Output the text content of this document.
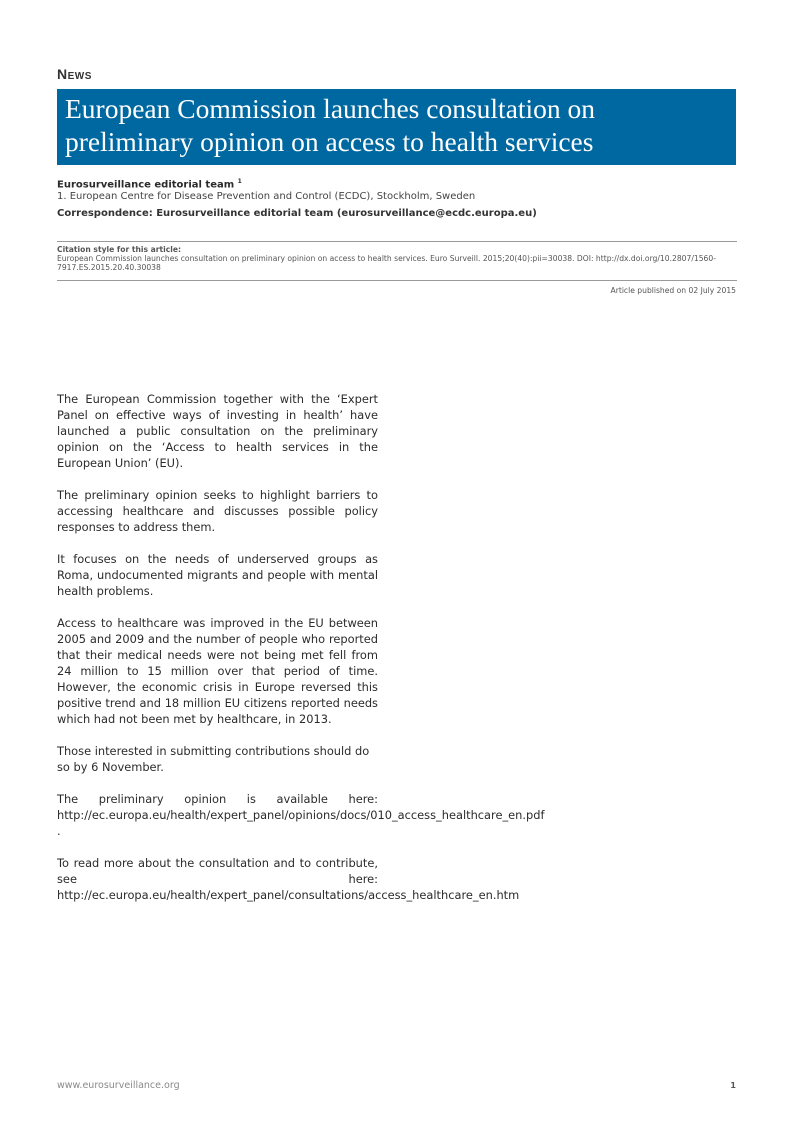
News
European Commission launches consultation on preliminary opinion on access to health services
Eurosurveillance editorial team $^1$
1. European Centre for Disease Prevention and Control (ECDC), Stockholm, Sweden
Correspondence: Eurosurveillance editorial team (eurosurveillance@ecdc.europa.eu)
Citation style for this article:
European Commission launches consultation on preliminary opinion on access to health services. Euro Surveill. 2015;20(40):pii=30038. DOI: http://dx.doi.org/10.2807/1560-7917.ES.2015.20.40.30038
Article published on 02 July 2015

The European Commission together with the ‘Expert Panel on effective ways of investing in health’ have launched a public consultation on the preliminary opinion on the ‘Access to health services in the European Union’ (EU).

The preliminary opinion seeks to highlight barriers to accessing healthcare and discusses possible policy responses to address them.

It focuses on the needs of underserved groups as Roma, undocumented migrants and people with mental health problems.

Access to healthcare was improved in the EU between 2005 and 2009 and the number of people who reported that their medical needs were not being met fell from 24 million to 15 million over that period of time. However, the economic crisis in Europe reversed this positive trend and 18 million EU citizens reported needs which had not been met by healthcare, in 2013.

Those interested in submitting contributions should do so by 6 November.

The preliminary opinion is available here: http://ec.europa.eu/health/expert_panel/opinions/docs/010_access_healthcare_en.pdf .

To read more about the consultation and to contribute, see here: http://ec.europa.eu/health/expert_panel/consultations/access_healthcare_en.htm

www.eurosurveillance.org	1
